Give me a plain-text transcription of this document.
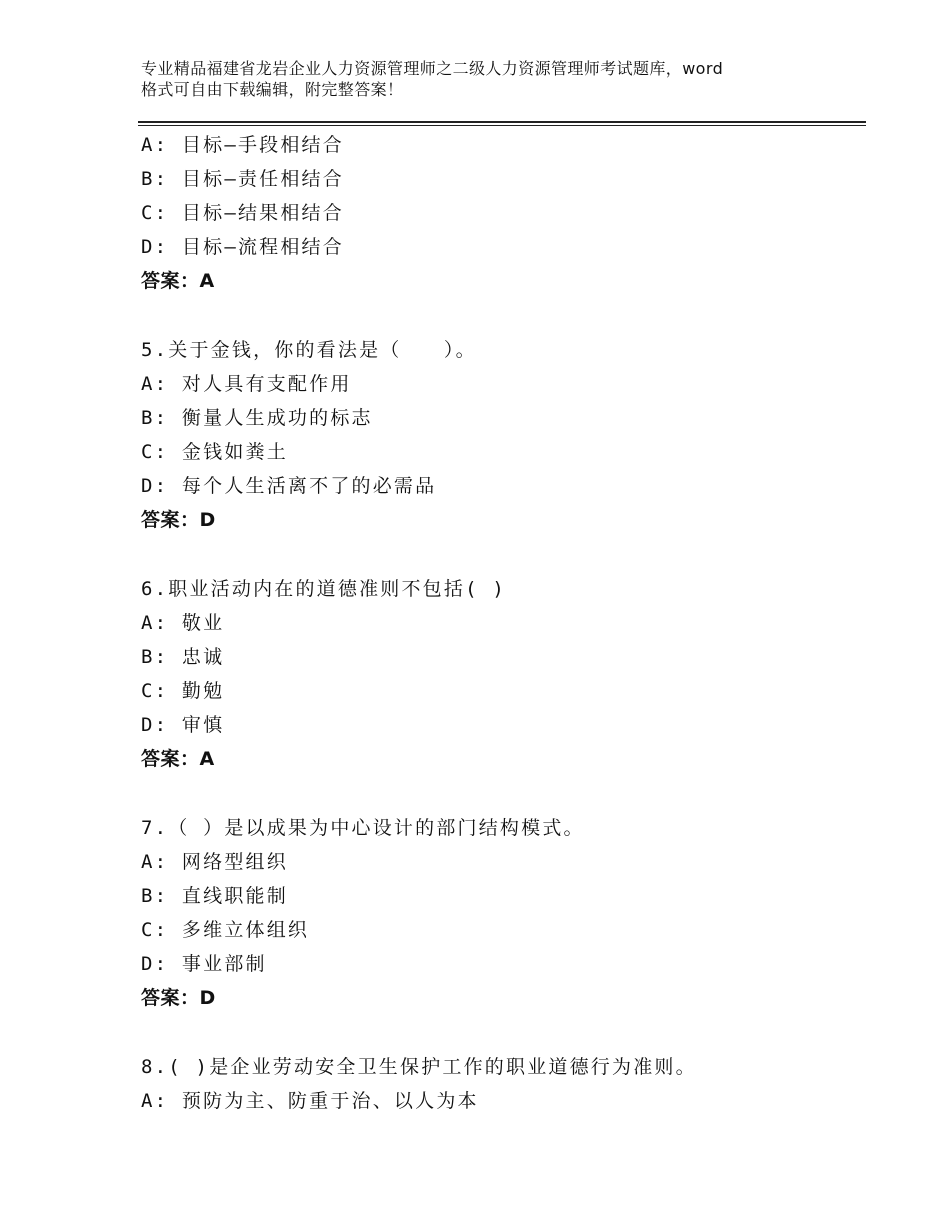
专业精品福建省龙岩企业人力资源管理师之二级人力资源管理师考试题库，word
格式可自由下载编辑，附完整答案！
A: 目标—手段相结合
B: 目标—责任相结合
C: 目标—结果相结合
D: 目标—流程相结合
答案：A
5.关于金钱，你的看法是（　　）。
A: 对人具有支配作用
B: 衡量人生成功的标志
C: 金钱如粪土
D: 每个人生活离不了的必需品
答案：D
6.职业活动内在的道德准则不包括( )
A: 敬业
B: 忠诚
C: 勤勉
D: 审慎
答案：A
7.（ ）是以成果为中心设计的部门结构模式。
A: 网络型组织
B: 直线职能制
C: 多维立体组织
D: 事业部制
答案：D
8.( )是企业劳动安全卫生保护工作的职业道德行为准则。
A: 预防为主、防重于治、以人为本
